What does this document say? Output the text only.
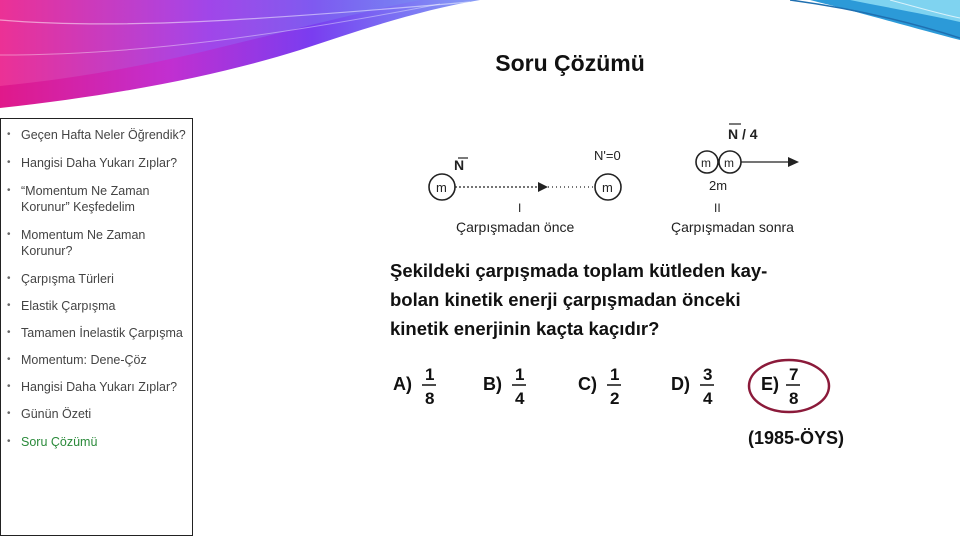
Soru Çözümü
• Geçen Hafta Neler Öğrendik?
• Hangisi Daha Yukarı Zıplar?
• “Momentum Ne Zaman Korunur” Keşfedelim
• Momentum Ne Zaman Korunur?
• Çarpışma Türleri
• Elastik Çarpışma
• Tamamen İnelastik Çarpışma
• Momentum: Dene-Çöz
• Hangisi Daha Yukarı Zıplar?
• Günün Özeti
• Soru Çözümü
N
N'=0
m	m
I
Çarpışmadan önce
N / 4
m m
2m
II
Çarpışmadan sonra
Şekildeki çarpışmada toplam kütleden kay-
bolan kinetik enerji çarpışmadan önceki
kinetik enerjinin kaçta kaçıdır?
A) 1
8
B) 1
4
C) 1
2
D) 3
4
E) 7
8
(1985-ÖYS)
